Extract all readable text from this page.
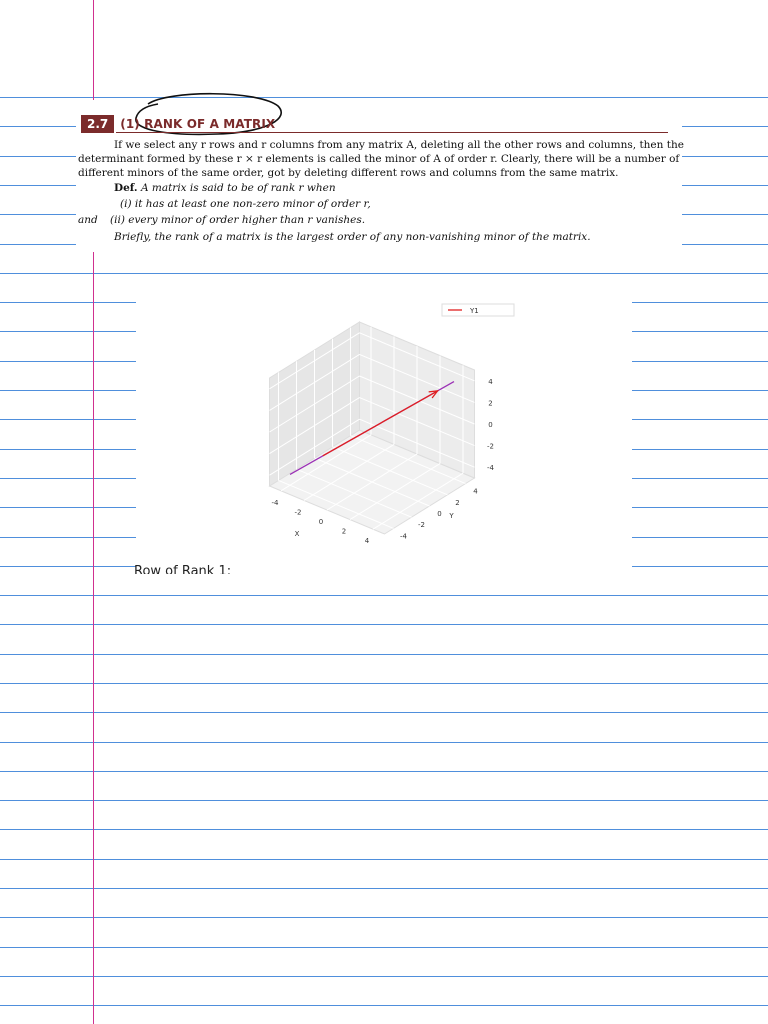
2.7	(1) RANK OF A MATRIX
If we select any r rows and r columns from any matrix A, deleting all the other rows and columns, then the
determinant formed by these r × r elements is called the minor of A of order r. Clearly, there will be a number of
different minors of the same order, got by deleting different rows and columns from the same matrix.
Def. A matrix is said to be of rank r when
(i) it has at least one non-zero minor of order r,
and (ii) every minor of order higher than r vanishes.
Briefly, the rank of a matrix is the largest order of any non-vanishing minor of the matrix.
-4
-2
0
2
4
-4
-2
0
2
4
4
2
0
-2
-4
X
Y
Y1
Row of Rank 1:
